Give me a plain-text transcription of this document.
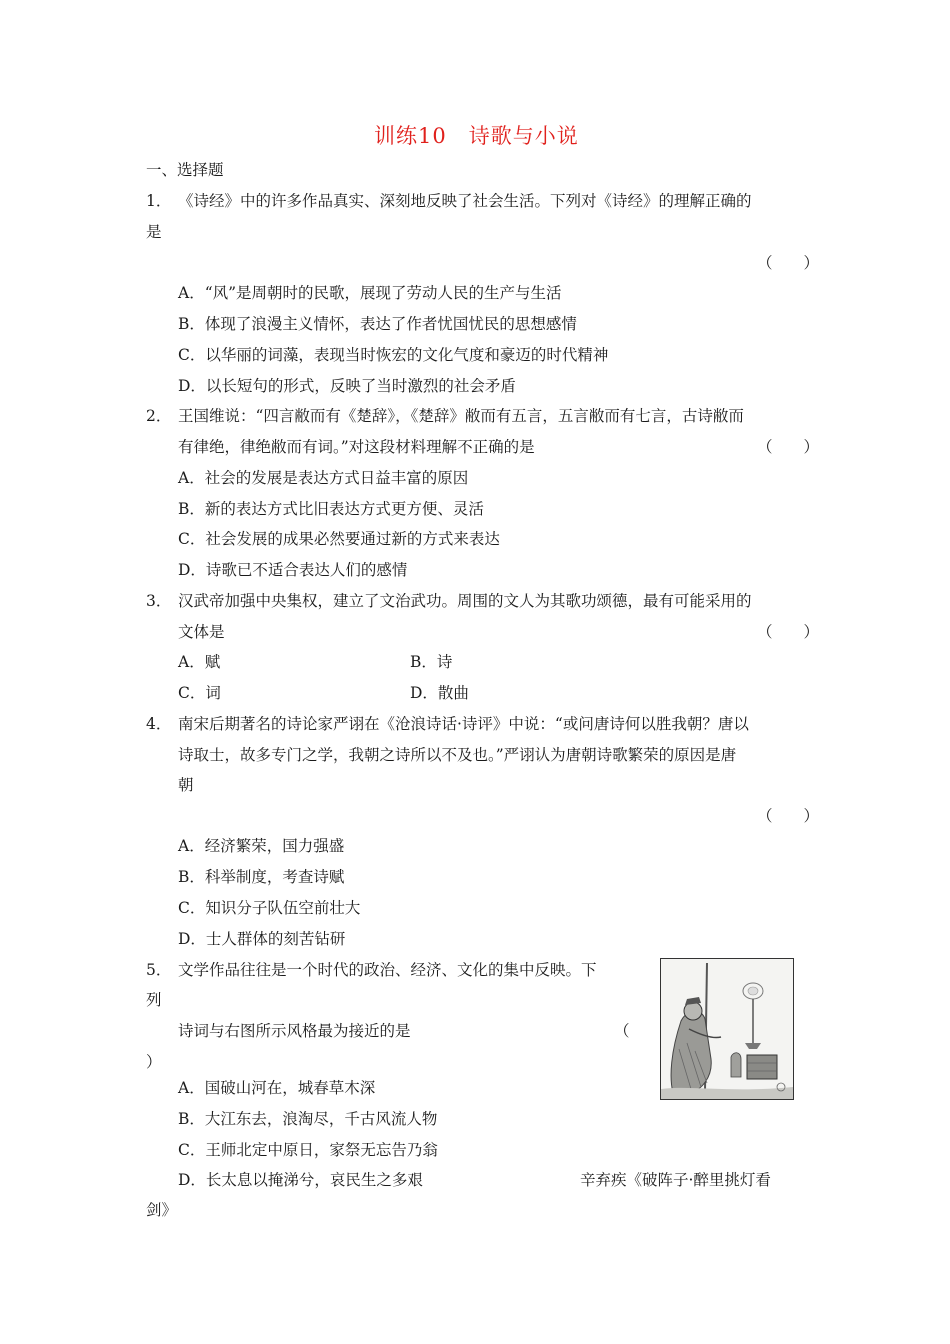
训练10　诗歌与小说
一、选择题
1． 《诗经》中的许多作品真实、深刻地反映了社会生活。下列对《诗经》的理解正确的
是
（　　）
A．“风”是周朝时的民歌，展现了劳动人民的生产与生活
B．体现了浪漫主义情怀，表达了作者忧国忧民的思想感情
C．以华丽的词藻，表现当时恢宏的文化气度和豪迈的时代精神
D．以长短句的形式，反映了当时激烈的社会矛盾
2． 王国维说：“四言敝而有《楚辞》，《楚辞》敝而有五言，五言敝而有七言，古诗敝而
有律绝，律绝敝而有词。”对这段材料理解不正确的是	（　　）
A．社会的发展是表达方式日益丰富的原因
B．新的表达方式比旧表达方式更方便、灵活
C．社会发展的成果必然要通过新的方式来表达
D．诗歌已不适合表达人们的感情
3． 汉武帝加强中央集权，建立了文治武功。周围的文人为其歌功颂德，最有可能采用的
文体是	（　　）
A．赋	B．诗
C．词	D．散曲
4． 南宋后期著名的诗论家严诩在《沧浪诗话·诗评》中说：“或问唐诗何以胜我朝？唐以
诗取士，故多专门之学，我朝之诗所以不及也。”严诩认为唐朝诗歌繁荣的原因是唐
朝
（　　）
A．经济繁荣，国力强盛
B．科举制度，考查诗赋
C．知识分子队伍空前壮大
D．士人群体的刻苦钻研
5． 文学作品往往是一个时代的政治、经济、文化的集中反映。下
列
诗词与右图所示风格最为接近的是	（
）
A．国破山河在，城春草木深
B．大江东去，浪淘尽，千古风流人物
C．王师北定中原日，家祭无忘告乃翁
D．长太息以掩涕兮，哀民生之多艰	辛弃疾《破阵子·醉里挑灯看
剑》
